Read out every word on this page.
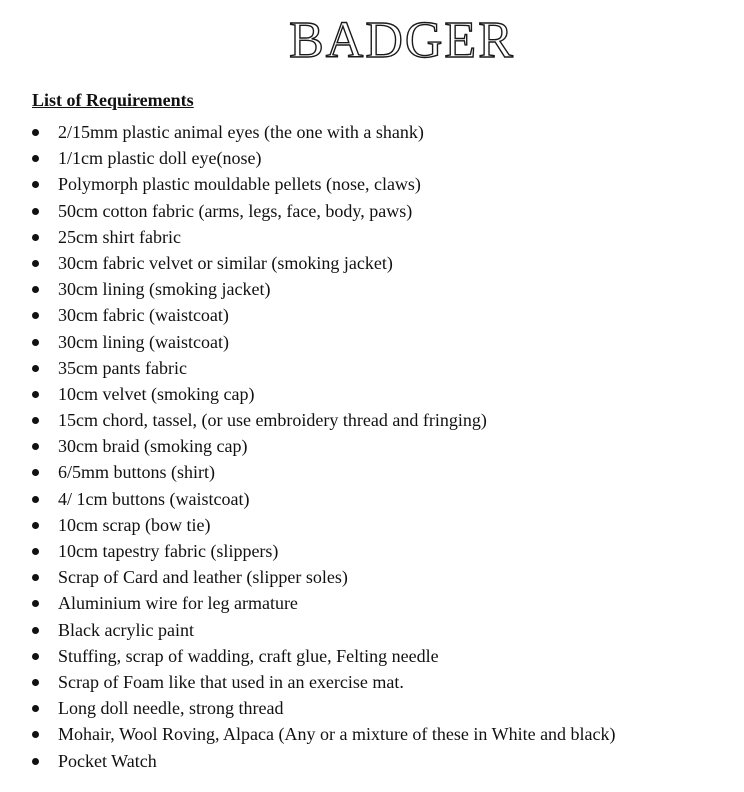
BADGER
List of Requirements
2/15mm plastic animal eyes (the one with a shank)
1/1cm plastic doll eye(nose)
Polymorph plastic mouldable pellets (nose, claws)
50cm cotton fabric (arms, legs, face, body, paws)
25cm shirt fabric
30cm fabric velvet or similar (smoking jacket)
30cm lining (smoking jacket)
30cm fabric (waistcoat)
30cm lining (waistcoat)
35cm pants fabric
10cm velvet (smoking cap)
15cm chord, tassel, (or use embroidery thread and fringing)
30cm braid (smoking cap)
6/5mm buttons (shirt)
4/ 1cm buttons (waistcoat)
10cm scrap (bow tie)
10cm tapestry fabric (slippers)
Scrap of Card and leather (slipper soles)
Aluminium wire for leg armature
Black acrylic paint
Stuffing, scrap of wadding, craft glue, Felting needle
Scrap of Foam like that used in an exercise mat.
Long doll needle, strong thread
Mohair, Wool Roving, Alpaca (Any or a mixture of these in White and black)
Pocket Watch
